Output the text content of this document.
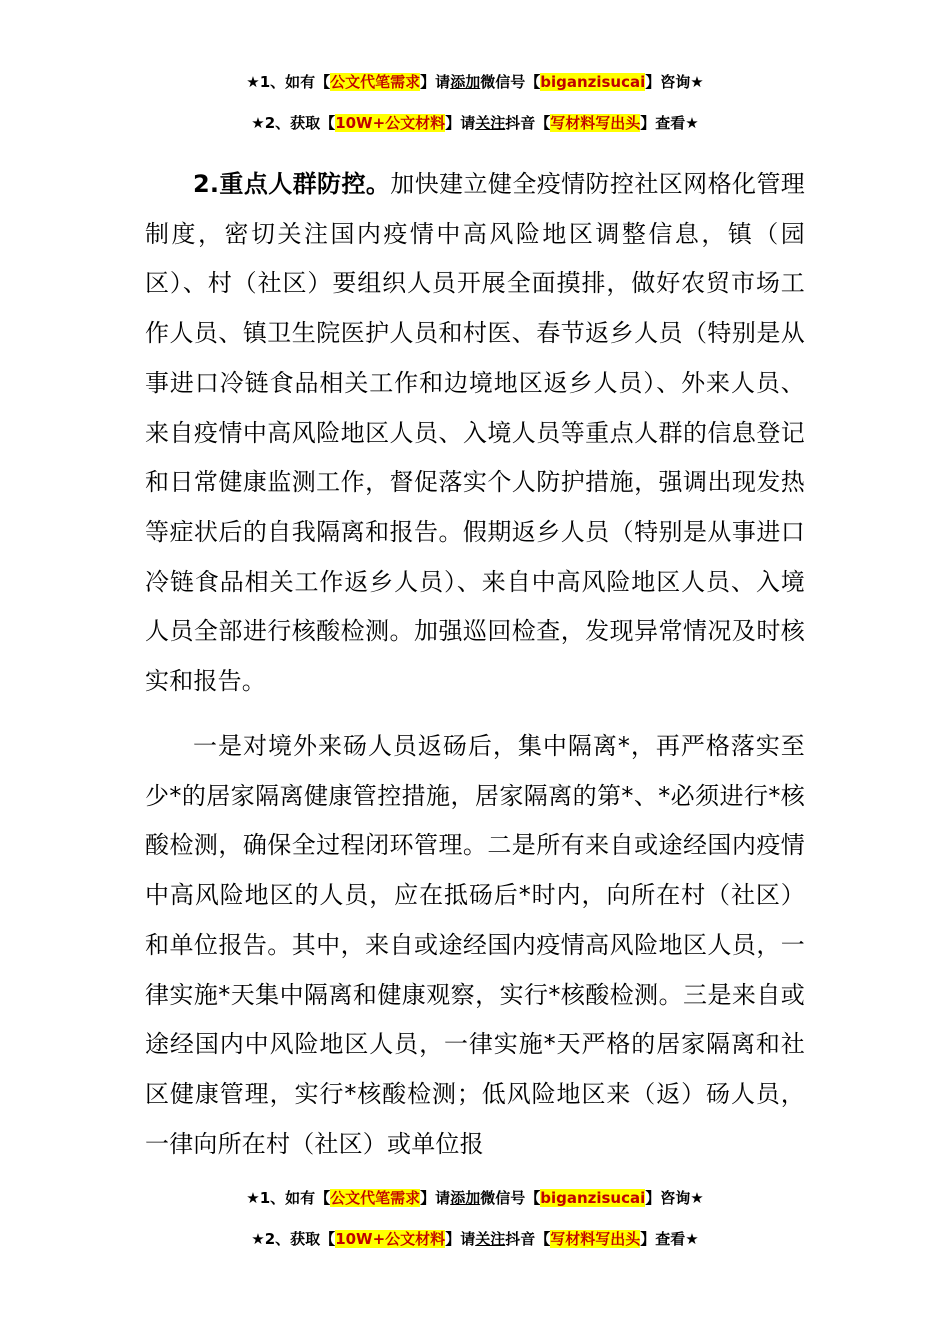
★1、如有【公文代笔需求】请添加微信号【biganzisucai】咨询★
★2、获取【10W+公文材料】请关注抖音【写材料写出头】查看★

2.重点人群防控。加快建立健全疫情防控社区网格化管理制度，密切关注国内疫情中高风险地区调整信息，镇（园区）、村（社区）要组织人员开展全面摸排，做好农贸市场工作人员、镇卫生院医护人员和村医、春节返乡人员（特别是从事进口冷链食品相关工作和边境地区返乡人员）、外来人员、来自疫情中高风险地区人员、入境人员等重点人群的信息登记和日常健康监测工作，督促落实个人防护措施，强调出现发热等症状后的自我隔离和报告。假期返乡人员（特别是从事进口冷链食品相关工作返乡人员）、来自中高风险地区人员、入境人员全部进行核酸检测。加强巡回检查，发现异常情况及时核实和报告。

一是对境外来砀人员返砀后，集中隔离*，再严格落实至少*的居家隔离健康管控措施，居家隔离的第*、*必须进行*核酸检测，确保全过程闭环管理。二是所有来自或途经国内疫情中高风险地区的人员，应在抵砀后*时内，向所在村（社区）和单位报告。其中，来自或途经国内疫情高风险地区人员，一律实施*天集中隔离和健康观察，实行*核酸检测。三是来自或途经国内中风险地区人员，一律实施*天严格的居家隔离和社区健康管理，实行*核酸检测；低风险地区来（返）砀人员，一律向所在村（社区）或单位报

★1、如有【公文代笔需求】请添加微信号【biganzisucai】咨询★
★2、获取【10W+公文材料】请关注抖音【写材料写出头】查看★
